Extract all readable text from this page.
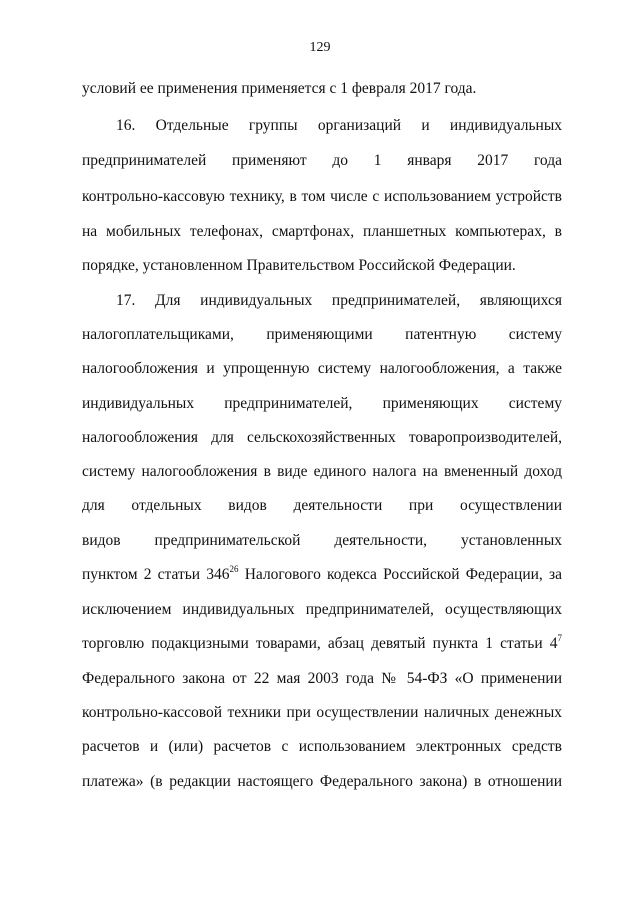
129
условий ее применения применяется с 1 февраля 2017 года.
16. Отдельные группы организаций и индивидуальных
предпринимателей применяют до 1 января 2017 года
контрольно-кассовую технику, в том числе с использованием устройств
на мобильных телефонах, смартфонах, планшетных компьютерах, в
порядке, установленном Правительством Российской Федерации.
17. Для индивидуальных предпринимателей, являющихся
налогоплательщиками, применяющими патентную систему
налогообложения и упрощенную систему налогообложения, а также
индивидуальных предпринимателей, применяющих систему
налогообложения для сельскохозяйственных товаропроизводителей,
систему налогообложения в виде единого налога на вмененный доход
для отдельных видов деятельности при осуществлении
видов предпринимательской деятельности, установленных
пунктом 2 статьи $346^{26}$ Налогового кодекса Российской Федерации, за
исключением индивидуальных предпринимателей, осуществляющих
торговлю подакцизными товарами, абзац девятый пункта 1 статьи $4^7$
Федерального закона от 22 мая 2003 года № 54-ФЗ «О применении
контрольно-кассовой техники при осуществлении наличных денежных
расчетов и (или) расчетов с использованием электронных средств
платежа» (в редакции настоящего Федерального закона) в отношении
